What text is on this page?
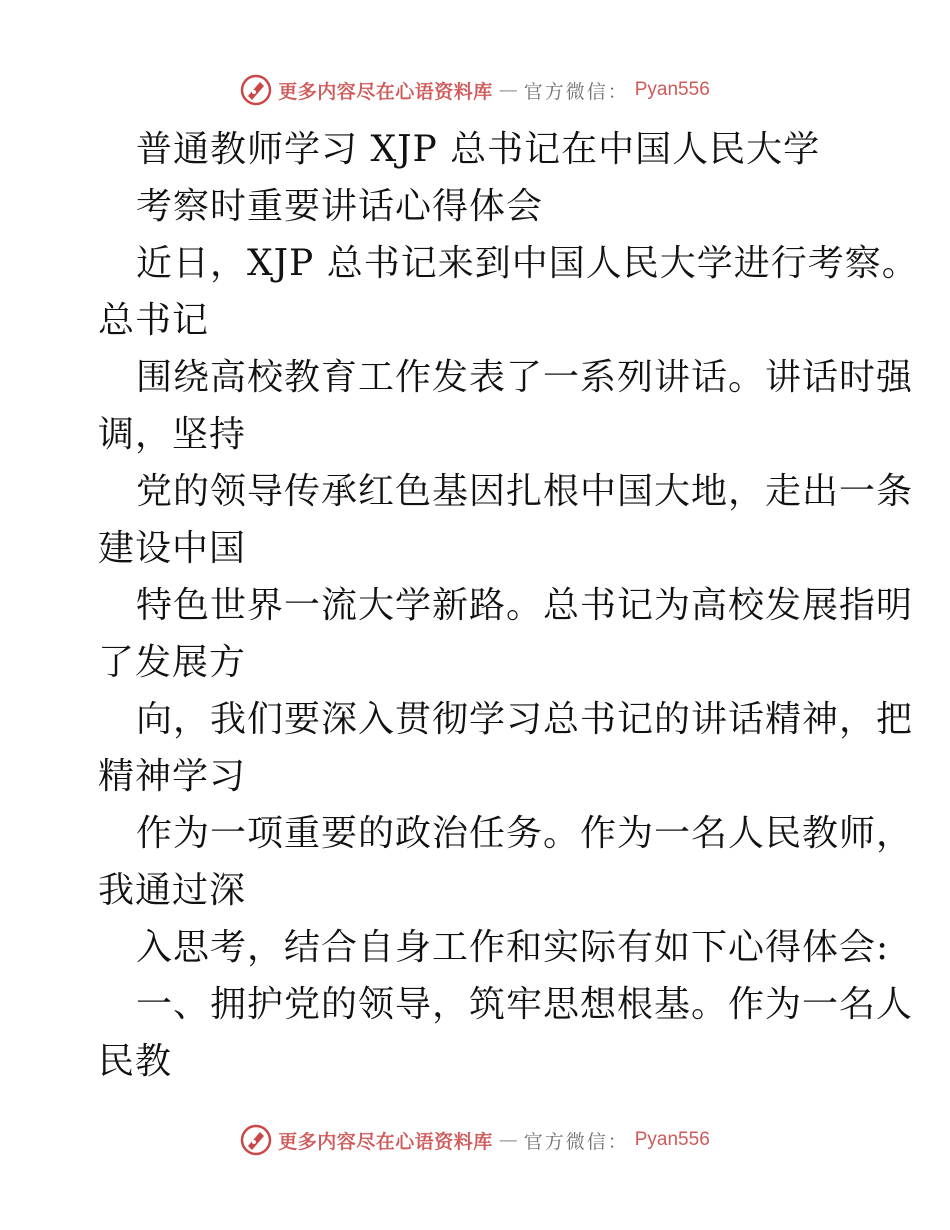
更多内容尽在心语资料库 — 官方微信： Pyan556
普通教师学习 XJP 总书记在中国人民大学
考察时重要讲话心得体会
近日，XJP 总书记来到中国人民大学进行考察。
总书记
围绕高校教育工作发表了一系列讲话。讲话时强
调，坚持
党的领导传承红色基因扎根中国大地，走出一条
建设中国
特色世界一流大学新路。总书记为高校发展指明
了发展方
向，我们要深入贯彻学习总书记的讲话精神，把
精神学习
作为一项重要的政治任务。作为一名人民教师，
我通过深
入思考，结合自身工作和实际有如下心得体会:
一、拥护党的领导，筑牢思想根基。作为一名人
民教
更多内容尽在心语资料库 — 官方微信： Pyan556
